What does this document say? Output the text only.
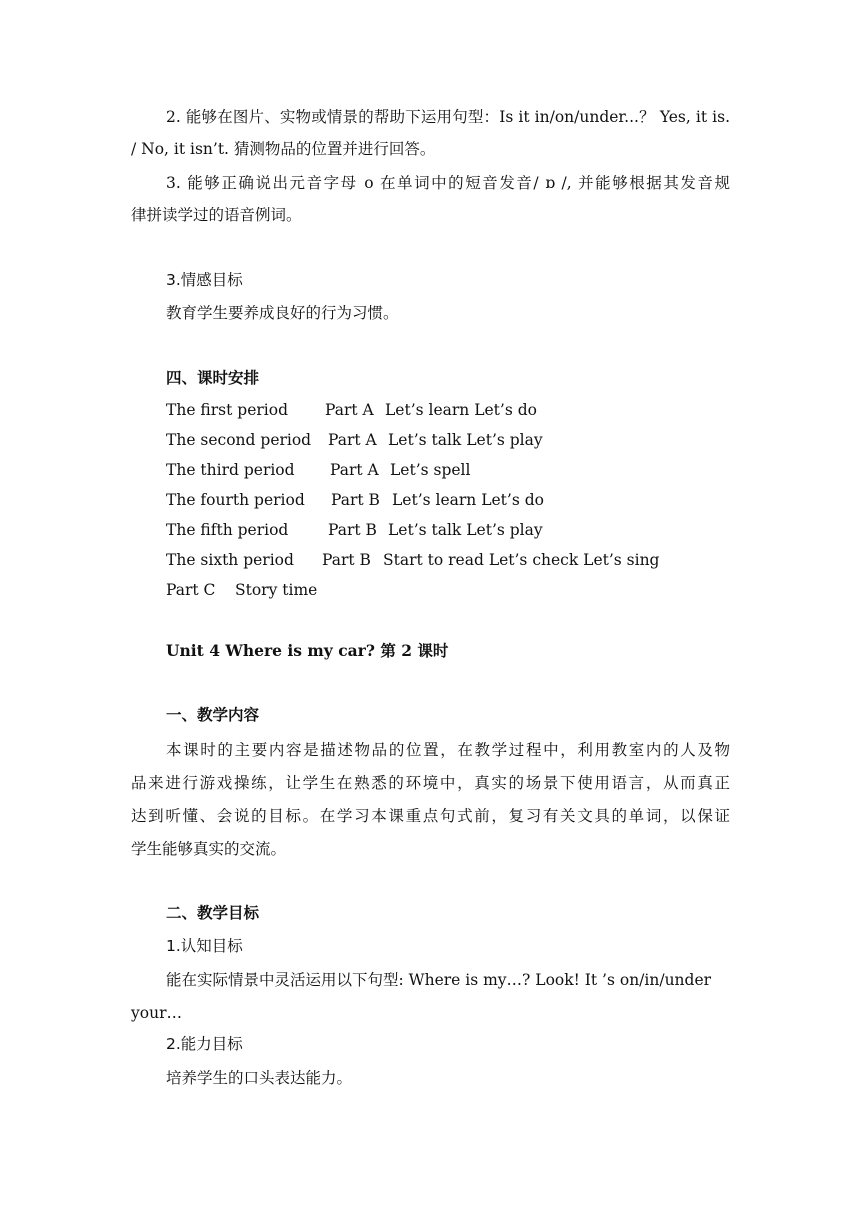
2. 能够在图片、实物或情景的帮助下运用句型：Is it in/on/under...？ Yes, it is.
/ No, it isn’t. 猜测物品的位置并进行回答。
3. 能够正确说出元音字母 o 在单词中的短音发音/ ɒ /, 并能够根据其发音规
律拼读学过的语音例词。
3.情感目标
教育学生要养成良好的行为习惯。
四、课时安排
The first period Part A Let’s learn Let’s do
The second period Part A Let’s talk Let’s play
The third period Part A Let’s spell
The fourth period Part B Let’s learn Let’s do
The fifth period	Part B Let’s talk Let’s play
The sixth period Part B Start to read Let’s check Let’s sing
Part C Story time
Unit 4 Where is my car? 第 2 课时
一、教学内容
本课时的主要内容是描述物品的位置，在教学过程中，利用教室内的人及物
品来进行游戏操练，让学生在熟悉的环境中，真实的场景下使用语言，从而真正
达到听懂、会说的目标。在学习本课重点句式前，复习有关文具的单词，以保证
学生能够真实的交流。
二、教学目标
1.认知目标
能在实际情景中灵活运用以下句型: Where is my…? Look! It ’s on/in/under
your…
2.能力目标
培养学生的口头表达能力。
